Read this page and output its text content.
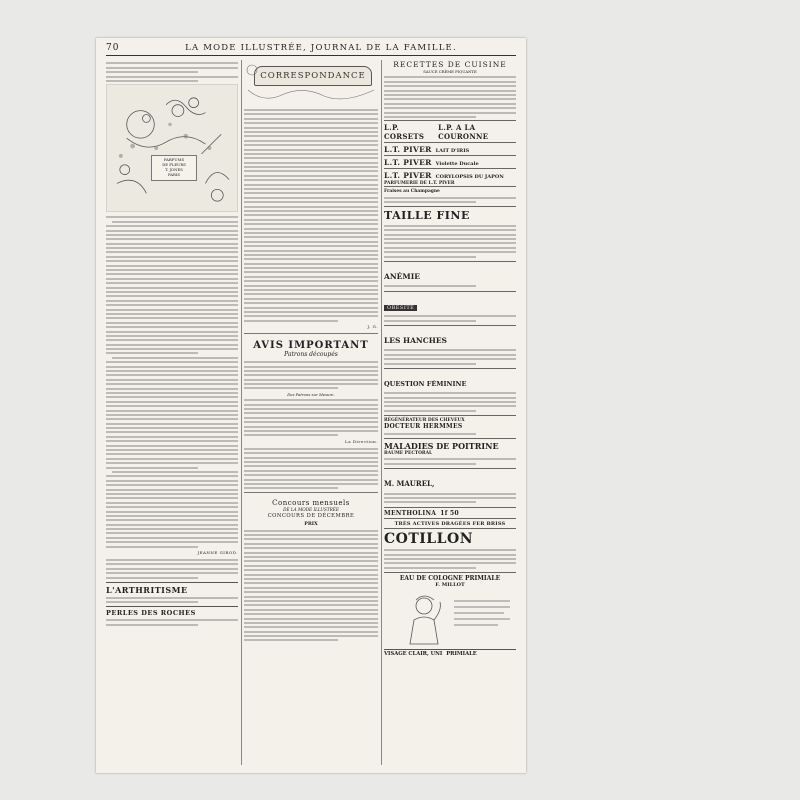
70	LA MODE ILLUSTRÉE, JOURNAL DE LA FAMILLE.
PARFUMS
DE FLEURS
T. JONES
PARIS
JEANNE GIROD.
L'ARTHRITISME
PERLES DES ROCHES
CORRESPONDANCE
J. G.
AVIS IMPORTANT
Patrons découpés
Des Patrons sur Mesure.
La Direction.
Concours mensuels
DE LA MODE ILLUSTRÉE
CONCOURS DE DÉCEMBRE
PRIX
RECETTES DE CUISINE
SAUCE CRÈME PIQUANTE
L.P. CORSETS
L.P. A LA COURONNE
L.T. PIVER LAIT D'IRIS
L.T. PIVER Violette Ducale
L.T. PIVER CORYLOPSIS DU JAPON
PARFUMERIE DE L.T. PIVER
Fraises au Champagne
TAILLE FINE
ANÉMIE
OBÉSITÉ
LES HANCHES
QUESTION FÉMININE
RÉGÉNÉRATEUR DES CHEVEUX
DOCTEUR HERMMES
MALADIES DE POITRINE
BAUME PECTORAL
M. MAUREL,
MENTHOLINA 1f 50
TRÈS ACTIVES DRAGÉES FER BRISS
COTILLON
EAU DE COLOGNE PRIMIALE
F. MILLOT
VISAGE CLAIR, UNI PRIMIALE
